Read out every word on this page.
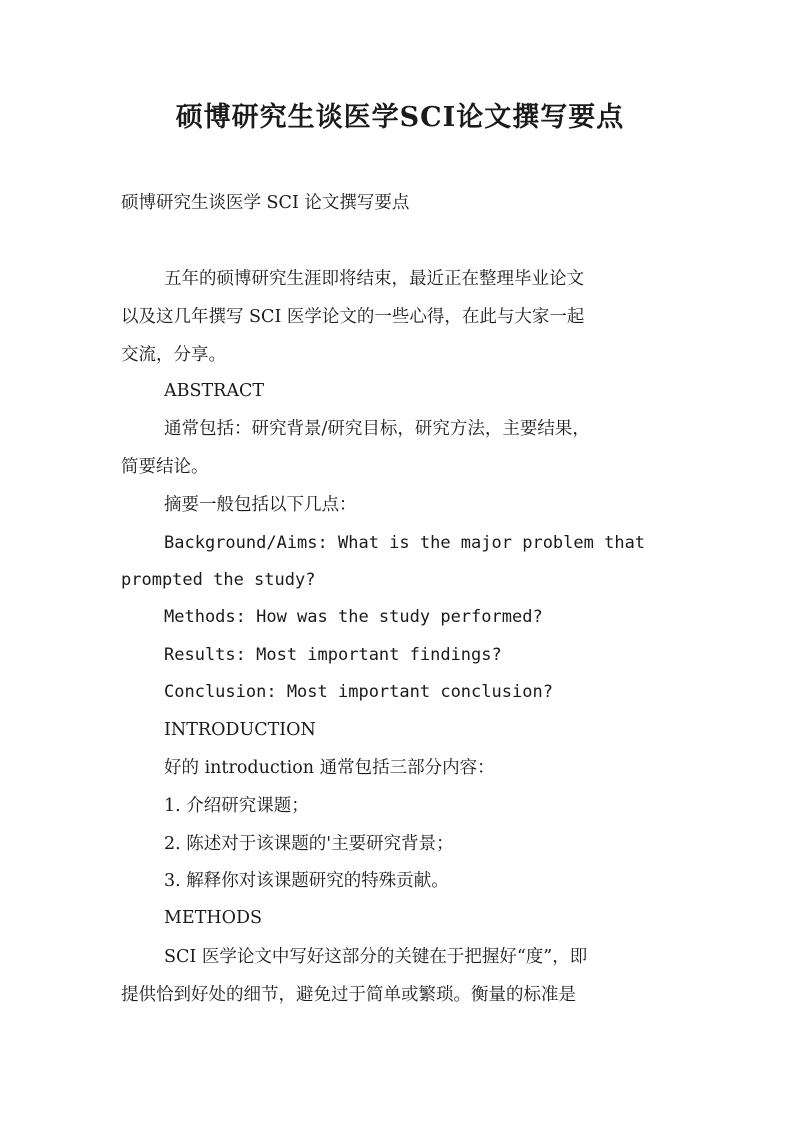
硕博研究生谈医学SCI论文撰写要点

硕博研究生谈医学 SCI 论文撰写要点

五年的硕博研究生涯即将结束，最近正在整理毕业论文

以及这几年撰写 SCI 医学论文的一些心得，在此与大家一起

交流，分享。

ABSTRACT

通常包括：研究背景/研究目标，研究方法，主要结果，

简要结论。

摘要一般包括以下几点：

Background/Aims: What is the major problem that

prompted the study?

Methods: How was the study performed?

Results: Most important findings?

Conclusion: Most important conclusion?

INTRODUCTION

好的 introduction 通常包括三部分内容：

1. 介绍研究课题；

2. 陈述对于该课题的'主要研究背景；

3. 解释你对该课题研究的特殊贡献。

METHODS

SCI 医学论文中写好这部分的关键在于把握好“度”，即

提供恰到好处的细节，避免过于简单或繁琐。衡量的标准是
